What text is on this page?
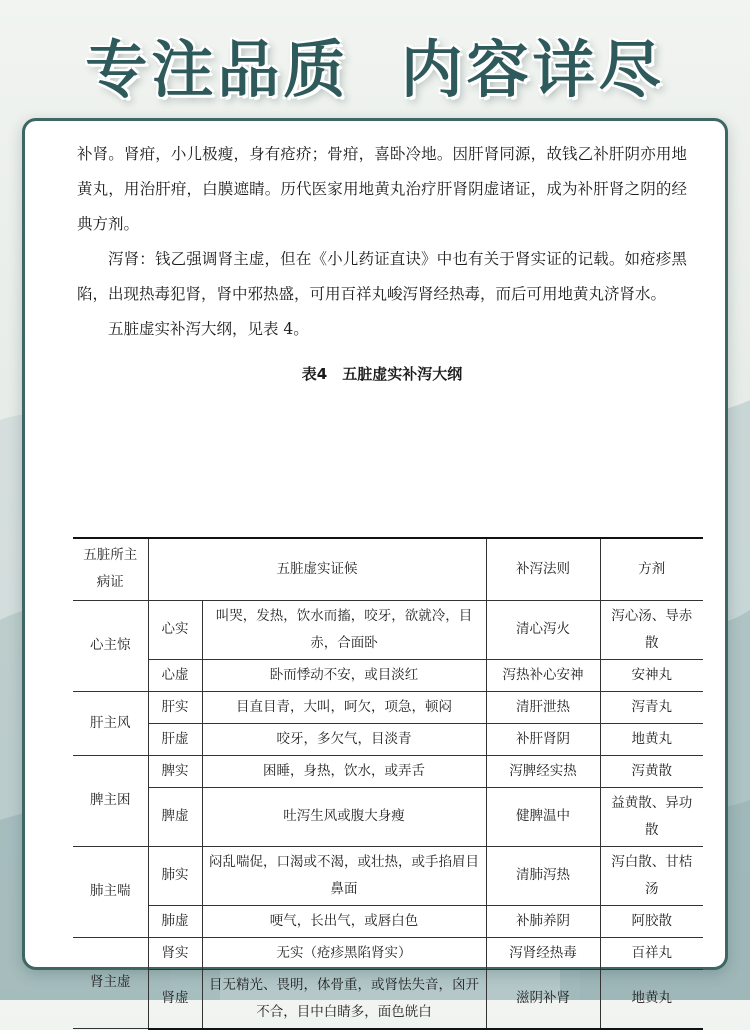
专注品质  内容详尽

补肾。肾疳，小儿极瘦，身有疮疥；骨疳，喜卧冷地。因肝肾同源，故钱乙补肝阴亦用地黄丸，用治肝疳，白膜遮睛。历代医家用地黄丸治疗肝肾阴虚诸证，成为补肝肾之阴的经典方剂。

泻肾：钱乙强调肾主虚，但在《小儿药证直诀》中也有关于肾实证的记载。如疮疹黑陷，出现热毒犯肾，肾中邪热盛，可用百祥丸峻泻肾经热毒，而后可用地黄丸济肾水。

五脏虚实补泻大纲，见表 4。

表4　五脏虚实补泻大纲

五脏所主病证	五脏虚实证候		补泻法则	方剂
心主惊	心实	叫哭，发热，饮水而搐，咬牙，欲就冷，目赤，合面卧	清心泻火	泻心汤、导赤散
	心虚	卧而悸动不安，或目淡红	泻热补心安神	安神丸
肝主风	肝实	目直目青，大叫，呵欠，项急，顿闷	清肝泄热	泻青丸
	肝虚	咬牙，多欠气，目淡青	补肝肾阴	地黄丸
脾主困	脾实	困睡，身热，饮水，或弄舌	泻脾经实热	泻黄散
	脾虚	吐泻生风或腹大身瘦	健脾温中	益黄散、异功散
肺主喘	肺实	闷乱喘促，口渴或不渴，或壮热，或手掐眉目鼻面	清肺泻热	泻白散、甘桔汤
	肺虚	哽气，长出气，或唇白色	补肺养阴	阿胶散
肾主虚	肾实	无实（疮疹黑陷肾实）	泻肾经热毒	百祥丸
	肾虚	目无精光、畏明，体骨重，或肾怯失音，囟开不合，目中白睛多，面色㿠白	滋阴补肾	地黄丸
